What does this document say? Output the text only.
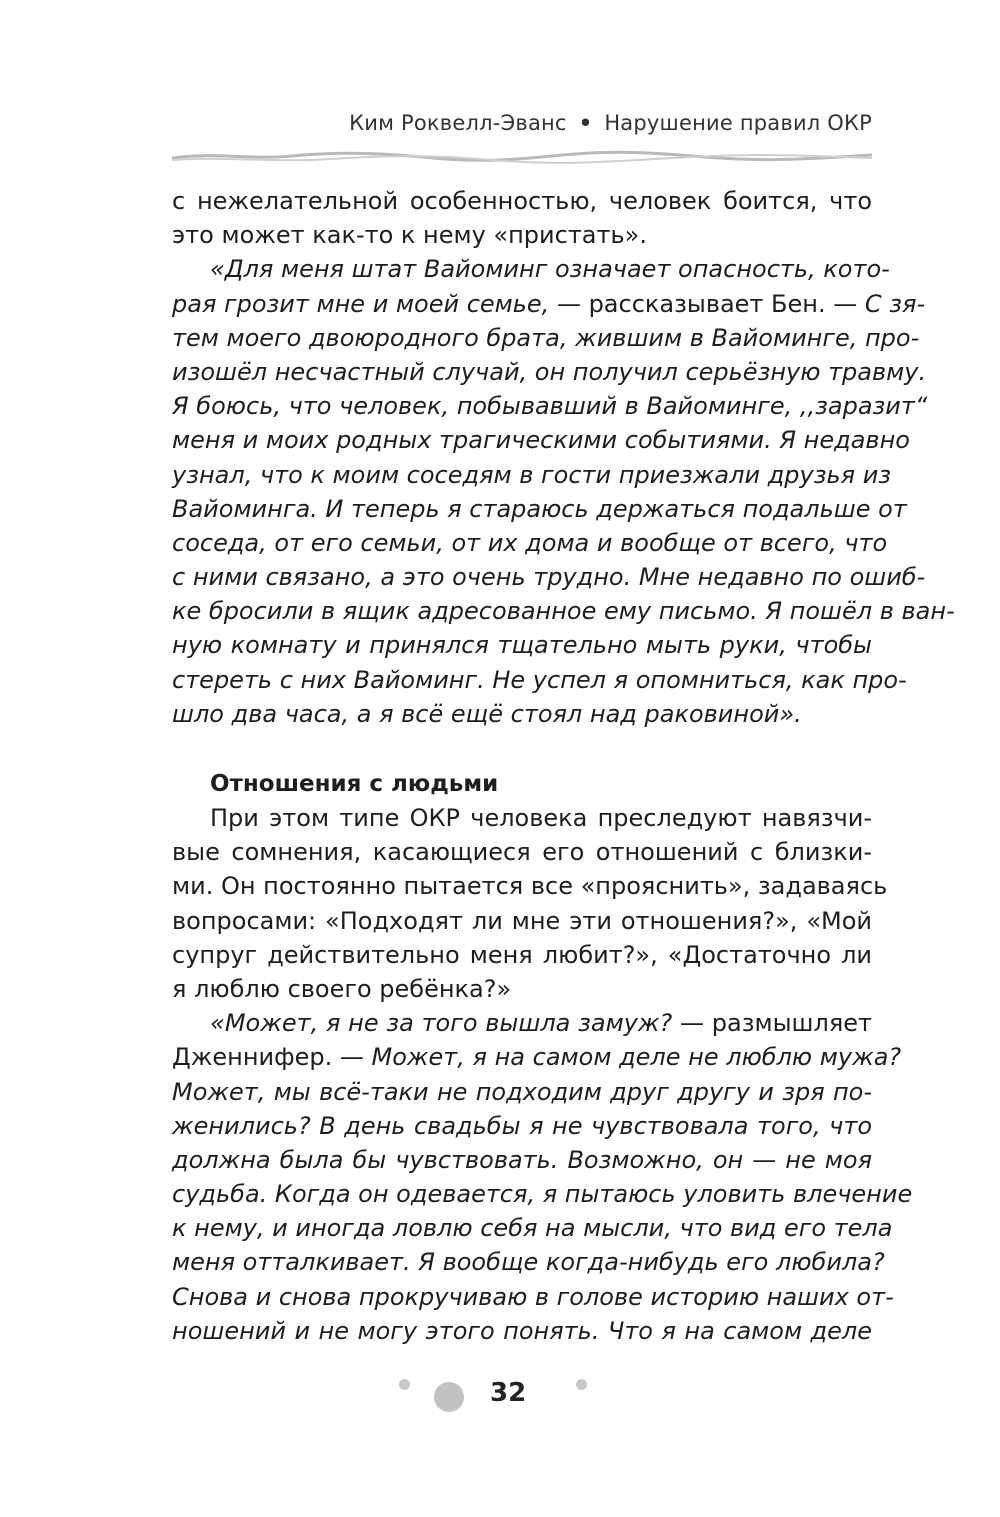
Ким Роквелл-Эванс • Нарушение правил ОКР
с нежелательной особенностью, человек боится, что
это может как-то к нему «пристать».
«Для меня штат Вайоминг означает опасность, кото-
рая грозит мне и моей семье, — рассказывает Бен. — С зя-
тем моего двоюродного брата, жившим в Вайоминге, про-
изошёл несчастный случай, он получил серьёзную травму.
Я боюсь, что человек, побывавший в Вайоминге, ,,заразит“
меня и моих родных трагическими событиями. Я недавно
узнал, что к моим соседям в гости приезжали друзья из
Вайоминга. И теперь я стараюсь держаться подальше от
соседа, от его семьи, от их дома и вообще от всего, что
с ними связано, а это очень трудно. Мне недавно по ошиб-
ке бросили в ящик адресованное ему письмо. Я пошёл в ван-
ную комнату и принялся тщательно мыть руки, чтобы
стереть с них Вайоминг. Не успел я опомниться, как про-
шло два часа, а я всё ещё стоял над раковиной».
Отношения с людьми
При этом типе ОКР человека преследуют навязчи-
вые сомнения, касающиеся его отношений с близки-
ми. Он постоянно пытается все «прояснить», задаваясь
вопросами: «Подходят ли мне эти отношения?», «Мой
супруг действительно меня любит?», «Достаточно ли
я люблю своего ребёнка?»
«Может, я не за того вышла замуж? — размышляет
Дженнифер. — Может, я на самом деле не люблю мужа?
Может, мы всё-таки не подходим друг другу и зря по-
женились? В день свадьбы я не чувствовала того, что
должна была бы чувствовать. Возможно, он — не моя
судьба. Когда он одевается, я пытаюсь уловить влечение
к нему, и иногда ловлю себя на мысли, что вид его тела
меня отталкивает. Я вообще когда-нибудь его любила?
Снова и снова прокручиваю в голове историю наших от-
ношений и не могу этого понять. Что я на самом деле
32
